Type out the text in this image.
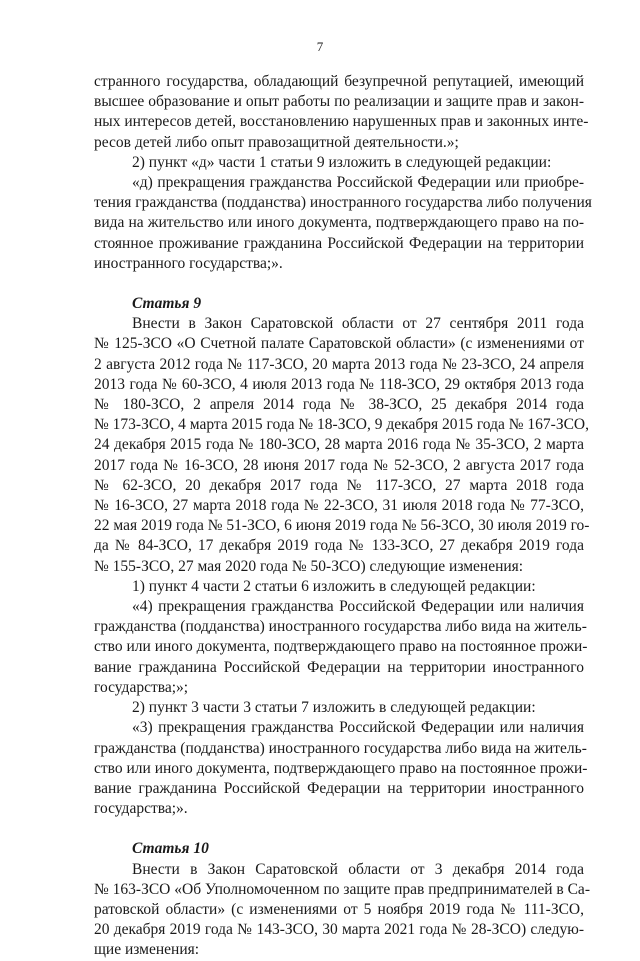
7
странного государства, обладающий безупречной репутацией, имеющий
высшее образование и опыт работы по реализации и защите прав и закон-
ных интересов детей, восстановлению нарушенных прав и законных инте-
ресов детей либо опыт правозащитной деятельности.»;
2) пункт «д» части 1 статьи 9 изложить в следующей редакции:
«д) прекращения гражданства Российской Федерации или приобре-
тения гражданства (подданства) иностранного государства либо получения
вида на жительство или иного документа, подтверждающего право на по-
стоянное проживание гражданина Российской Федерации на территории
иностранного государства;».
Статья 9
Внести в Закон Саратовской области от 27 сентября 2011 года
№ 125-ЗСО «О Счетной палате Саратовской области» (с изменениями от
2 августа 2012 года № 117-ЗСО, 20 марта 2013 года № 23-ЗСО, 24 апреля
2013 года № 60-ЗСО, 4 июля 2013 года № 118-ЗСО, 29 октября 2013 года
№ 180-ЗСО, 2 апреля 2014 года № 38-ЗСО, 25 декабря 2014 года
№ 173-ЗСО, 4 марта 2015 года № 18-ЗСО, 9 декабря 2015 года № 167-ЗСО,
24 декабря 2015 года № 180-ЗСО, 28 марта 2016 года № 35-ЗСО, 2 марта
2017 года № 16-ЗСО, 28 июня 2017 года № 52-ЗСО, 2 августа 2017 года
№ 62-ЗСО, 20 декабря 2017 года № 117-ЗСО, 27 марта 2018 года
№ 16-ЗСО, 27 марта 2018 года № 22-ЗСО, 31 июля 2018 года № 77-ЗСО,
22 мая 2019 года № 51-ЗСО, 6 июня 2019 года № 56-ЗСО, 30 июля 2019 го-
да № 84-ЗСО, 17 декабря 2019 года № 133-ЗСО, 27 декабря 2019 года
№ 155-ЗСО, 27 мая 2020 года № 50-ЗСО) следующие изменения:
1) пункт 4 части 2 статьи 6 изложить в следующей редакции:
«4) прекращения гражданства Российской Федерации или наличия
гражданства (подданства) иностранного государства либо вида на житель-
ство или иного документа, подтверждающего право на постоянное прожи-
вание гражданина Российской Федерации на территории иностранного
государства;»;
2) пункт 3 части 3 статьи 7 изложить в следующей редакции:
«3) прекращения гражданства Российской Федерации или наличия
гражданства (подданства) иностранного государства либо вида на житель-
ство или иного документа, подтверждающего право на постоянное прожи-
вание гражданина Российской Федерации на территории иностранного
государства;».
Статья 10
Внести в Закон Саратовской области от 3 декабря 2014 года
№ 163-ЗСО «Об Уполномоченном по защите прав предпринимателей в Са-
ратовской области» (с изменениями от 5 ноября 2019 года № 111-ЗСО,
20 декабря 2019 года № 143-ЗСО, 30 марта 2021 года № 28-ЗСО) следую-
щие изменения:
